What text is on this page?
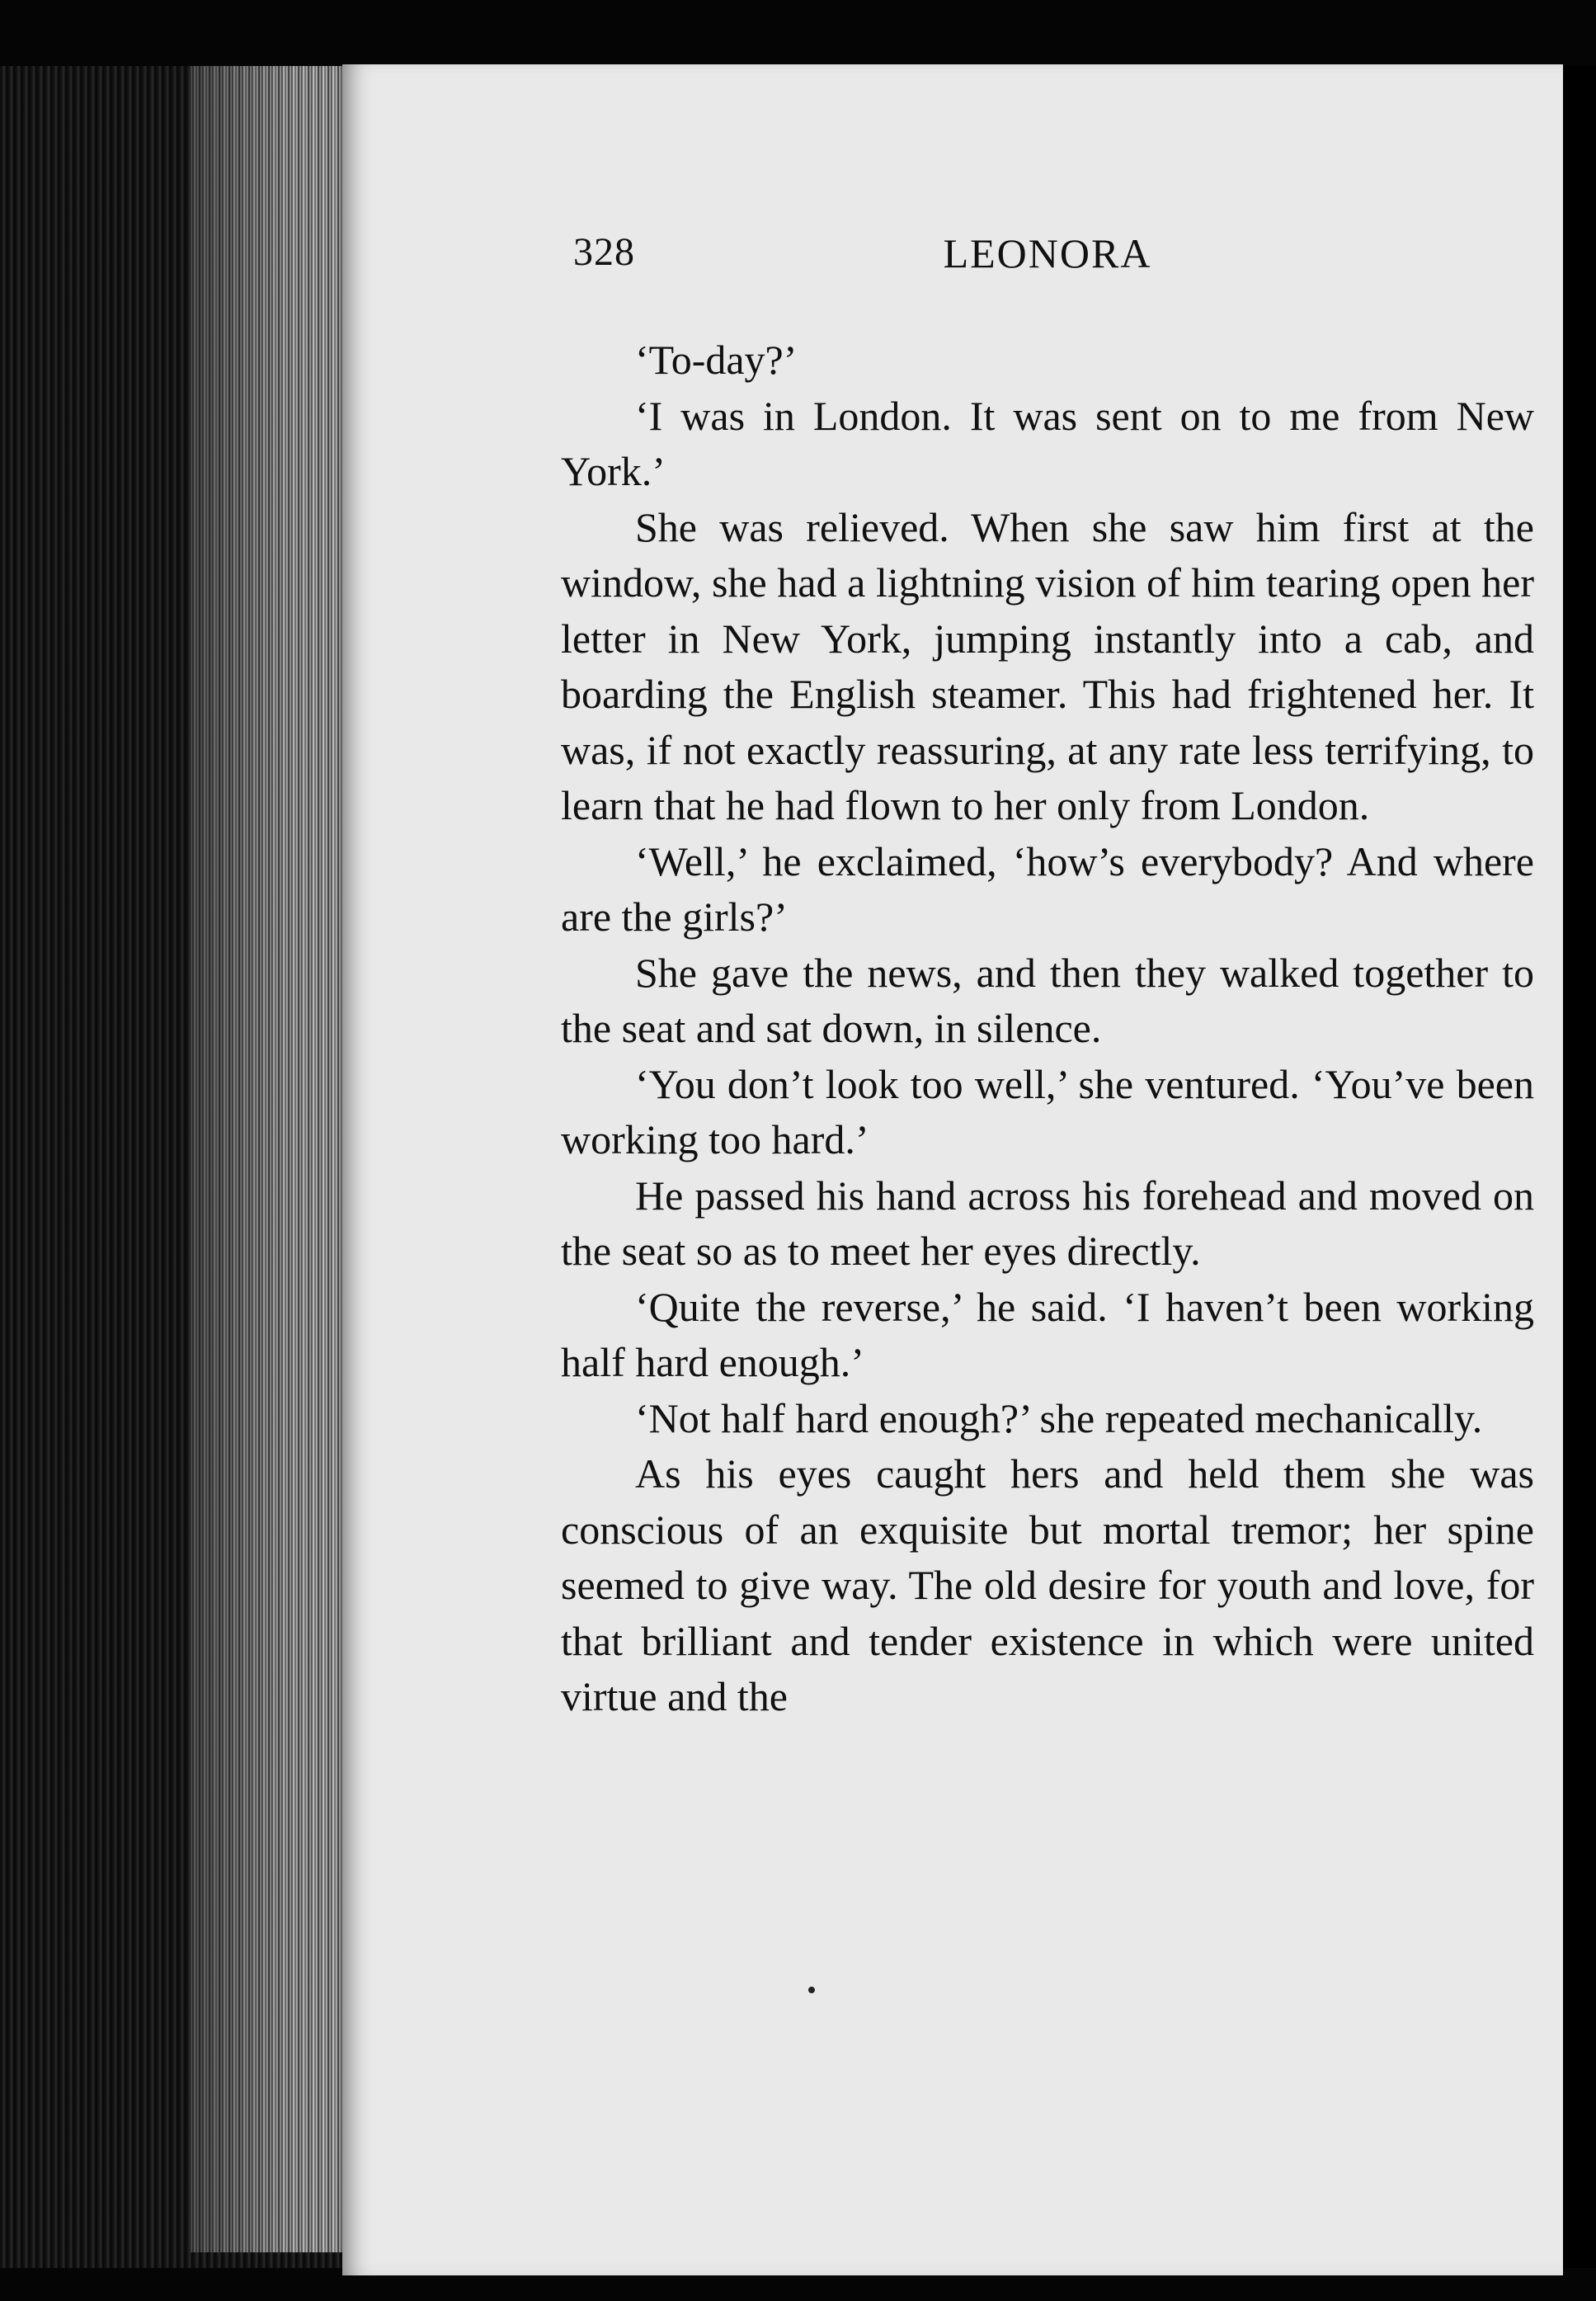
328	LEONORA

‘To-day?’

‘I was in London. It was sent on to me from New York.’

She was relieved. When she saw him first at the window, she had a lightning vision of him tearing open her letter in New York, jumping instantly into a cab, and boarding the English steamer. This had frightened her. It was, if not exactly reassuring, at any rate less terrifying, to learn that he had flown to her only from London.

‘Well,’ he exclaimed, ‘how’s everybody? And where are the girls?’

She gave the news, and then they walked together to the seat and sat down, in silence.

‘You don’t look too well,’ she ventured. ‘You’ve been working too hard.’

He passed his hand across his forehead and moved on the seat so as to meet her eyes directly.

‘Quite the reverse,’ he said. ‘I haven’t been working half hard enough.’

‘Not half hard enough?’ she repeated mechanically.

As his eyes caught hers and held them she was conscious of an exquisite but mortal tremor; her spine seemed to give way. The old desire for youth and love, for that brilliant and tender existence in which were united virtue and the
